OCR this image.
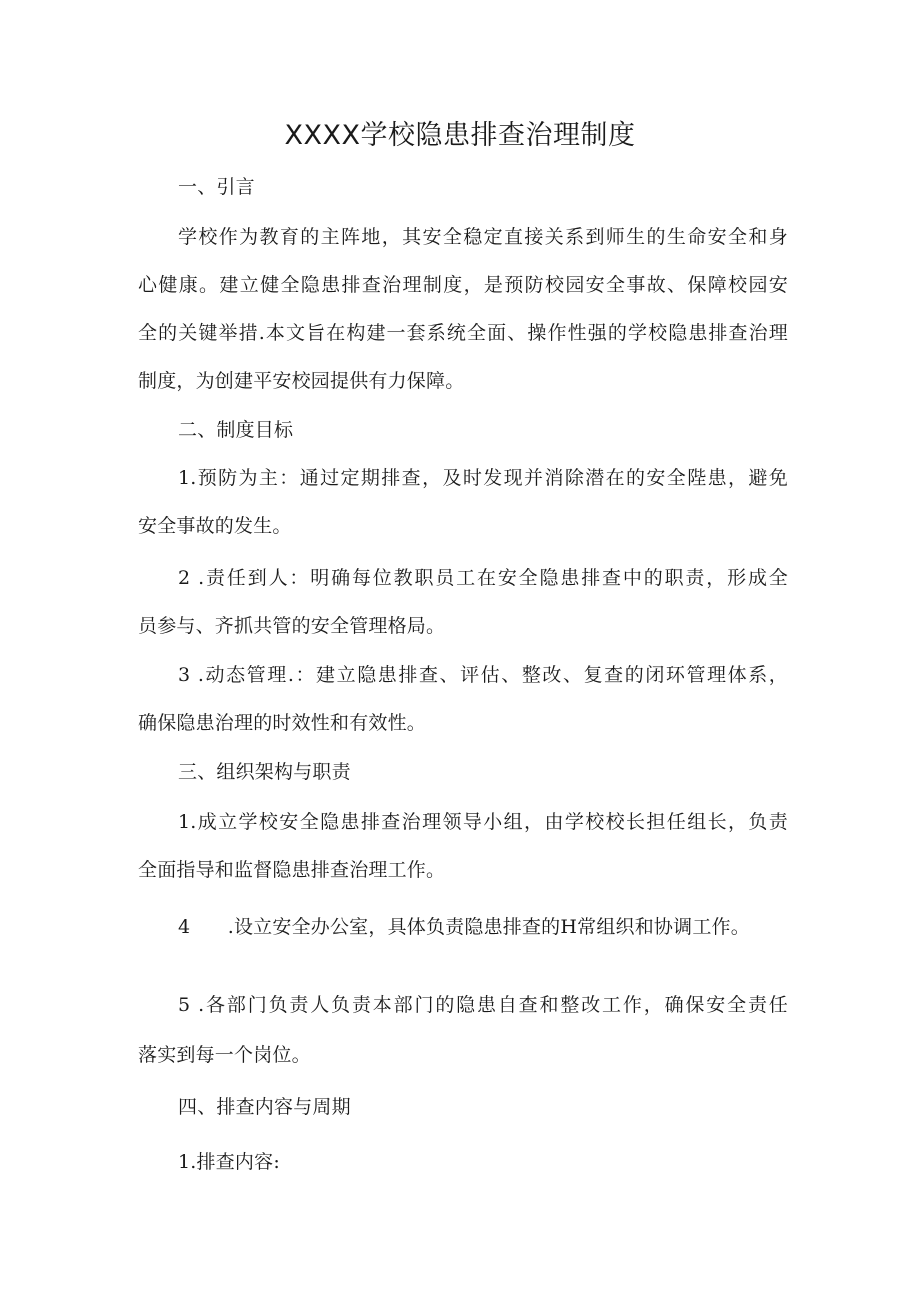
XXXX学校隐患排查治理制度
一、引言
学校作为教育的主阵地，其安全稳定直接关系到师生的生命安全和身
心健康。建立健全隐患排查治理制度，是预防校园安全事故、保障校园安
全的关键举措.本文旨在构建一套系统全面、操作性强的学校隐患排查治理
制度，为创建平安校园提供有力保障。
二、制度目标
1.预防为主：通过定期排查，及时发现并消除潜在的安全陛患，避免
安全事故的发生。
2 .责任到人：明确每位教职员工在安全隐患排查中的职责，形成全
员参与、齐抓共管的安全管理格局。
3 .动态管理.：建立隐患排查、评估、整改、复查的闭环管理体系，
确保隐患治理的时效性和有效性。
三、组织架构与职责
1.成立学校安全隐患排查治理领导小组，由学校校长担任组长，负责
全面指导和监督隐患排查治理工作。
4      .设立安全办公室，具体负责隐患排查的H常组织和协调工作。
5 .各部门负责人负责本部门的隐患自查和整改工作，确保安全责任
落实到每一个岗位。
四、排查内容与周期
1.排查内容:
